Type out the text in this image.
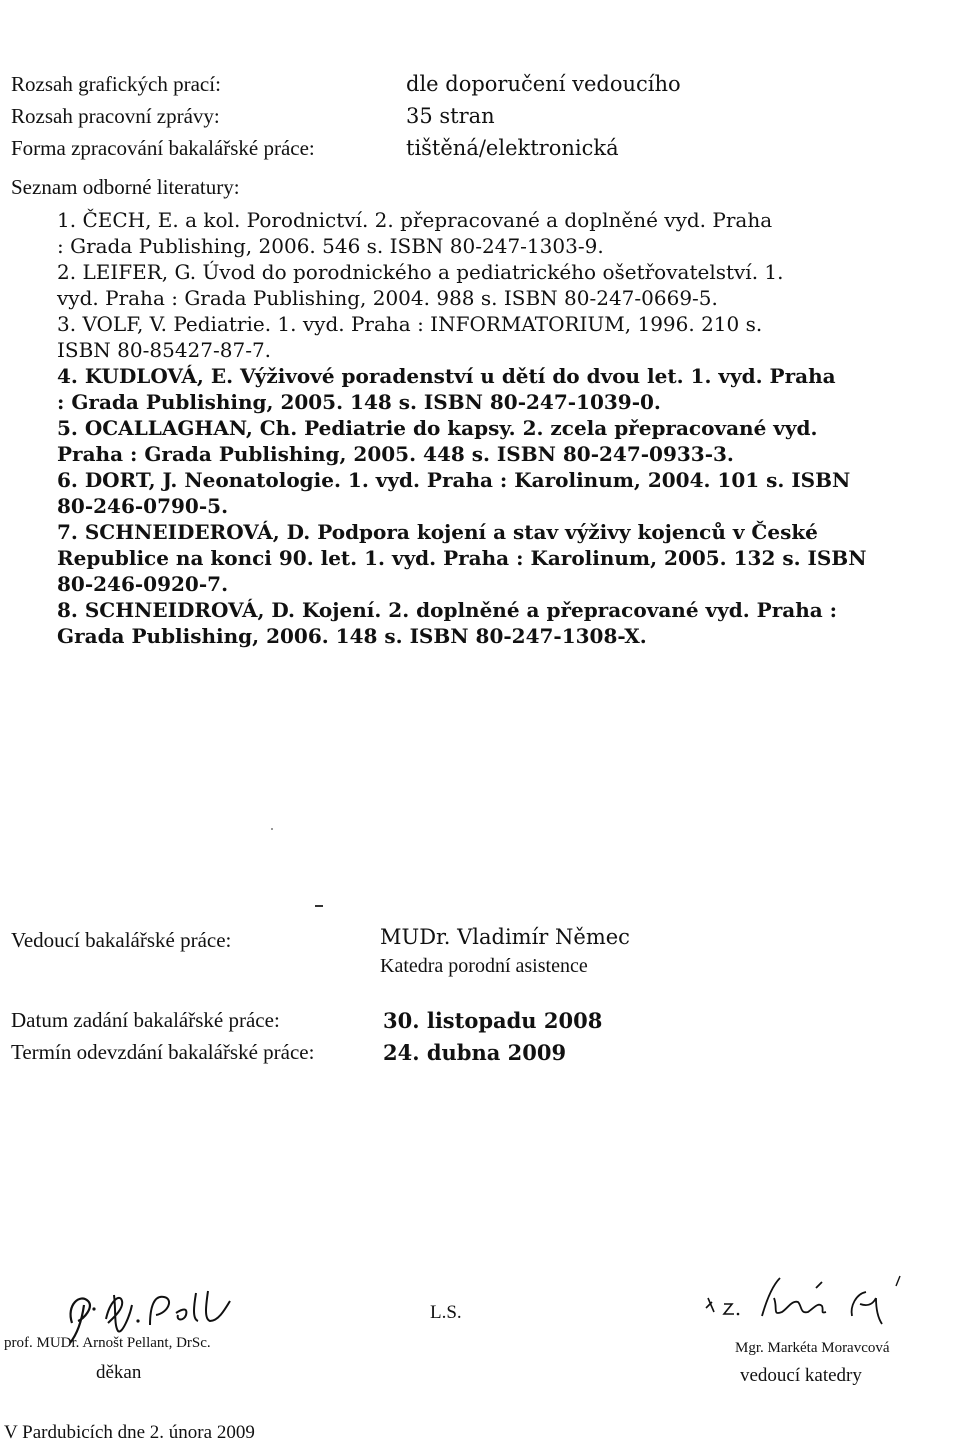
Rozsah grafických prací:	dle doporučení vedoucího
Rozsah pracovní zprávy:	35 stran
Forma zpracování bakalářské práce:	tištěná/elektronická
Seznam odborné literatury:

1. ČECH, E. a kol. Porodnictví. 2. přepracované a doplněné vyd. Praha

: Grada Publishing, 2006. 546 s. ISBN 80-247-1303-9.

2. LEIFER, G. Úvod do porodnického a pediatrického ošetřovatelství. 1.

vyd. Praha : Grada Publishing, 2004. 988 s. ISBN 80-247-0669-5.

3. VOLF, V. Pediatrie. 1. vyd. Praha : INFORMATORIUM, 1996. 210 s.

ISBN 80-85427-87-7.

4. KUDLOVÁ, E. Výživové poradenství u dětí do dvou let. 1. vyd. Praha

: Grada Publishing, 2005. 148 s. ISBN 80-247-1039-0.

5. OCALLAGHAN, Ch. Pediatrie do kapsy. 2. zcela přepracované vyd.

Praha : Grada Publishing, 2005. 448 s. ISBN 80-247-0933-3.

6. DORT, J. Neonatologie. 1. vyd. Praha : Karolinum, 2004. 101 s. ISBN

80-246-0790-5.

7. SCHNEIDEROVÁ, D. Podpora kojení a stav výživy kojenců v České

Republice na konci 90. let. 1. vyd. Praha : Karolinum, 2005. 132 s. ISBN

80-246-0920-7.

8. SCHNEIDROVÁ, D. Kojení. 2. doplněné a přepracované vyd. Praha :

Grada Publishing, 2006. 148 s. ISBN 80-247-1308-X.

Vedoucí bakalářské práce:	MUDr. Vladimír Němec
Katedra porodní asistence
Datum zadání bakalářské práce:	30. listopadu 2008
Termín odevzdání bakalářské práce:	24. dubna 2009
prof. MUDr. Arnošt Pellant, DrSc.
děkan
L.S.
Mgr. Markéta Moravcová
vedoucí katedry
V Pardubicích dne 2. února 2009
